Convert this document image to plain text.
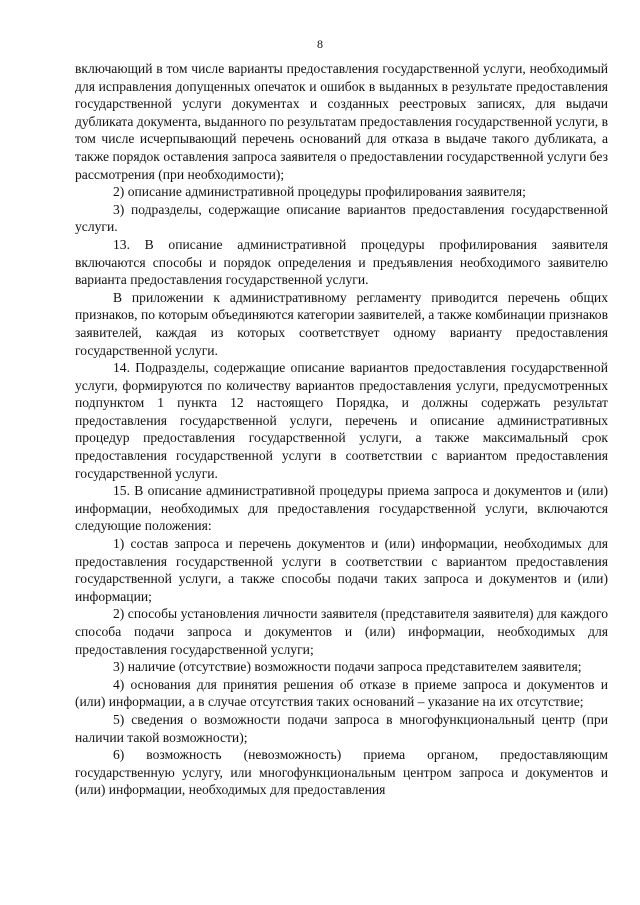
8

включающий в том числе варианты предоставления государственной услуги, необходимый для исправления допущенных опечаток и ошибок в выданных в результате предоставления государственной услуги документах и созданных реестровых записях, для выдачи дубликата документа, выданного по результатам предоставления государственной услуги, в том числе исчерпывающий перечень оснований для отказа в выдаче такого дубликата, а также порядок оставления запроса заявителя о предоставлении государственной услуги без рассмотрения (при необходимости);

2) описание административной процедуры профилирования заявителя;

3) подразделы, содержащие описание вариантов предоставления государственной услуги.

13. В описание административной процедуры профилирования заявителя включаются способы и порядок определения и предъявления необходимого заявителю варианта предоставления государственной услуги.

В приложении к административному регламенту приводится перечень общих признаков, по которым объединяются категории заявителей, а также комбинации признаков заявителей, каждая из которых соответствует одному варианту предоставления государственной услуги.

14. Подразделы, содержащие описание вариантов предоставления государственной услуги, формируются по количеству вариантов предоставления услуги, предусмотренных подпунктом 1 пункта 12 настоящего Порядка, и должны содержать результат предоставления государственной услуги, перечень и описание административных процедур предоставления государственной услуги, а также максимальный срок предоставления государственной услуги в соответствии с вариантом предоставления государственной услуги.

15. В описание административной процедуры приема запроса и документов и (или) информации, необходимых для предоставления государственной услуги, включаются следующие положения:

1) состав запроса и перечень документов и (или) информации, необходимых для предоставления государственной услуги в соответствии с вариантом предоставления государственной услуги, а также способы подачи таких запроса и документов и (или) информации;

2) способы установления личности заявителя (представителя заявителя) для каждого способа подачи запроса и документов и (или) информации, необходимых для предоставления государственной услуги;

3) наличие (отсутствие) возможности подачи запроса представителем заявителя;

4) основания для принятия решения об отказе в приеме запроса и документов и (или) информации, а в случае отсутствия таких оснований – указание на их отсутствие;

5) сведения о возможности подачи запроса в многофункциональный центр (при наличии такой возможности);

6) возможность (невозможность) приема органом, предоставляющим государственную услугу, или многофункциональным центром запроса и документов и (или) информации, необходимых для предоставления
